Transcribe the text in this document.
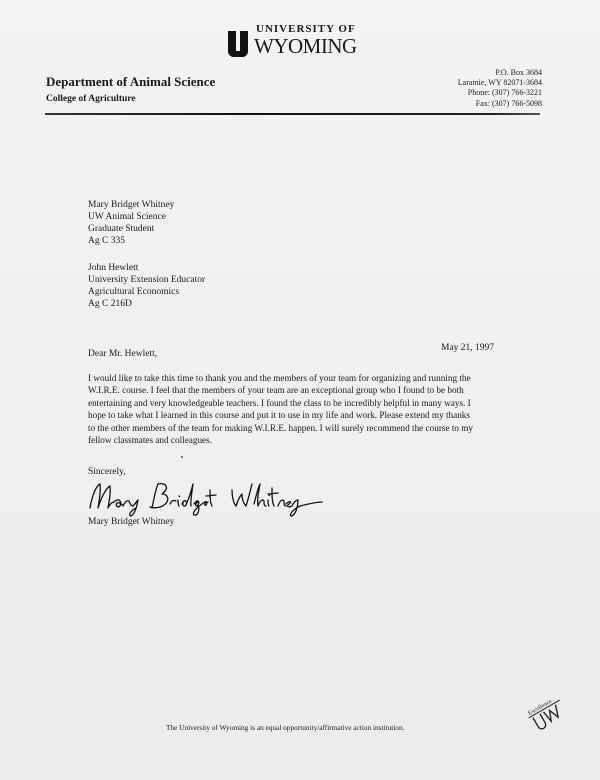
UNIVERSITY OF
WYOMING
Department of Animal Science
College of Agriculture
P.O. Box 3684
Laramie, WY 82071-3684
Phone: (307) 766-3221
Fax: (307) 766-5098
Mary Bridget Whitney
UW Animal Science
Graduate Student
Ag C 335
John Hewlett
University Extension Educator
Agricultural Economics
Ag C 216D
May 21, 1997
Dear Mr. Hewlett,
I would like to take this time to thank you and the members of your team for organizing and running the
W.I.R.E. course. I feel that the members of your team are an exceptional group who I found to be both
entertaining and very knowledgeable teachers. I found the class to be incredibly helpful in many ways. I
hope to take what I learned in this course and put it to use in my life and work. Please extend my thanks
to the other members of the team for making W.I.R.E. happen. I will surely recommend the course to my
fellow classmates and colleagues.
Sincerely,
Mary Bridget Whitney
The University of Wyoming is an equal opportunity/affirmative action institution.
Excellence
